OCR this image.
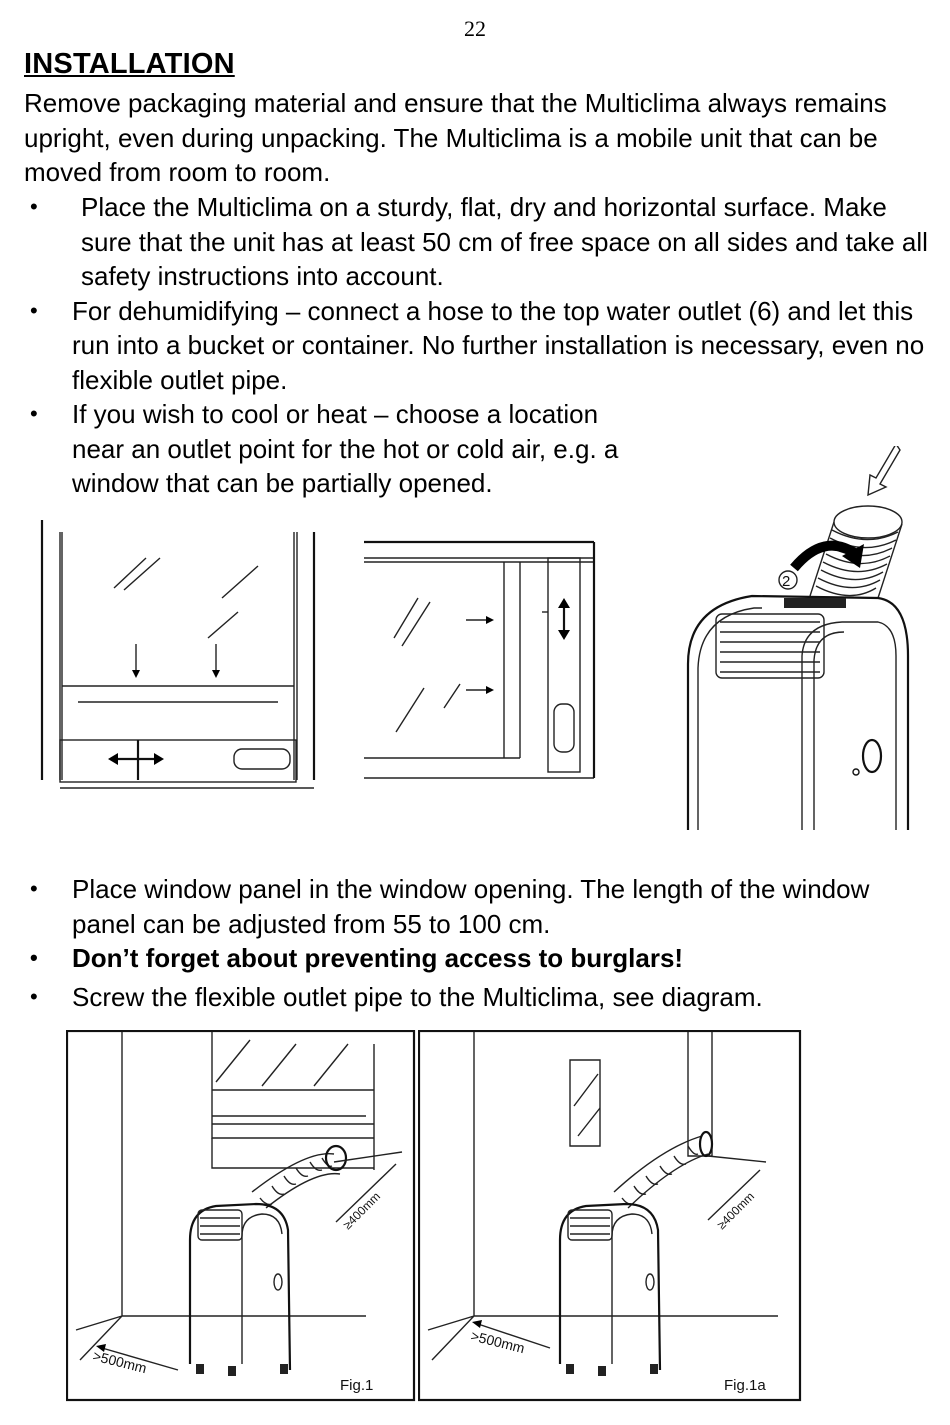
22
INSTALLATION
Remove packaging material and ensure that the Multiclima always remains upright, even during unpacking. The Multiclima is a mobile unit that can be moved from room to room.
• Place the Multiclima on a sturdy, flat, dry and horizontal surface. Make sure that the unit has at least 50 cm of free space on all sides and take all safety instructions into account.
• For dehumidifying – connect a hose to the top water outlet (6) and let this run into a bucket or container. No further installation is necessary, even no flexible outlet pipe.
• If you wish to cool or heat – choose a location near an outlet point for the hot or cold air, e.g. a window that can be partially opened.
2
• Place window panel in the window opening. The length of the window panel can be adjusted from 55 to 100 cm.
• Don’t forget about preventing access to burglars!
• Screw the flexible outlet pipe to the Multiclima, see diagram.
≥400mm
>500mm
Fig.1
≥400mm
>500mm
Fig.1a
